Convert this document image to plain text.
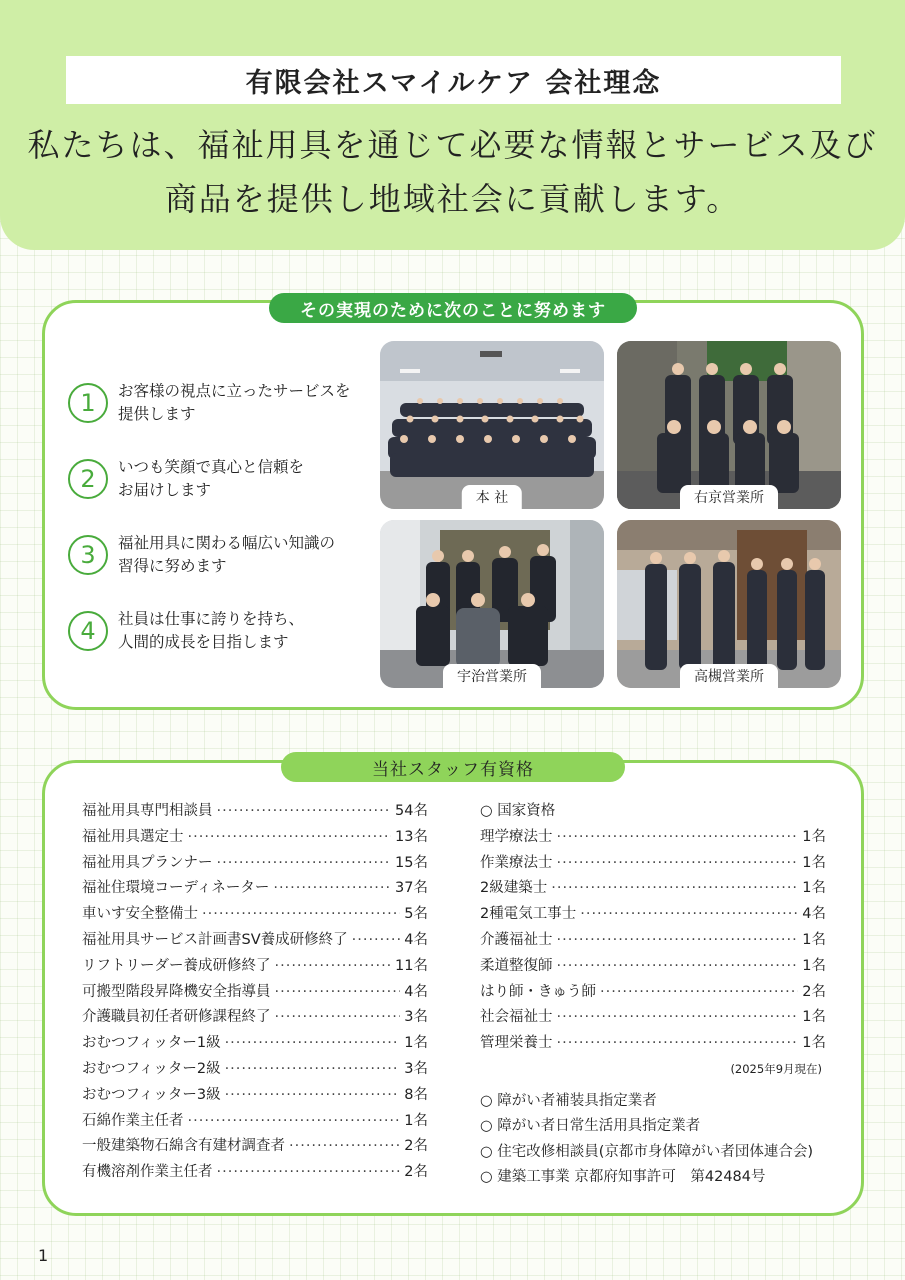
有限会社スマイルケア 会社理念
私たちは、福祉用具を通じて必要な情報とサービス及び
商品を提供し地域社会に貢献します。
その実現のために次のことに努めます
1	お客様の視点に立ったサービスを
提供します
2	いつも笑顔で真心と信頼を
お届けします
3	福祉用具に関わる幅広い知識の
習得に努めます
4	社員は仕事に誇りを持ち、
人間的成長を目指します
本 社	右京営業所
宇治営業所	高槻営業所
当社スタッフ有資格
福祉用具専門相談員 ·····	54名
福祉用具選定士 ·····	13名
福祉用具プランナー ·····	15名
福祉住環境コーディネーター ·····	37名
車いす安全整備士 ·····	5名
福祉用具サービス計画書SV養成研修終了 ·····	4名
リフトリーダー養成研修終了 ·····	11名
可搬型階段昇降機安全指導員 ·····	4名
介護職員初任者研修課程終了 ·····	3名
おむつフィッター1級 ·····	1名
おむつフィッター2級 ·····	3名
おむつフィッター3級 ·····	8名
石綿作業主任者 ·····	1名
一般建築物石綿含有建材調査者 ·····	2名
有機溶剤作業主任者 ·····	2名
○ 国家資格
理学療法士 ·····	1名
作業療法士 ·····	1名
2級建築士 ·····	1名
2種電気工事士 ·····	4名
介護福祉士 ·····	1名
柔道整復師 ·····	1名
はり師・きゅう師 ·····	2名
社会福祉士 ·····	1名
管理栄養士 ·····	1名
(2025年9月現在)
○ 障がい者補装具指定業者
○ 障がい者日常生活用具指定業者
○ 住宅改修相談員(京都市身体障がい者団体連合会)
○ 建築工事業 京都府知事許可　第42484号
1
